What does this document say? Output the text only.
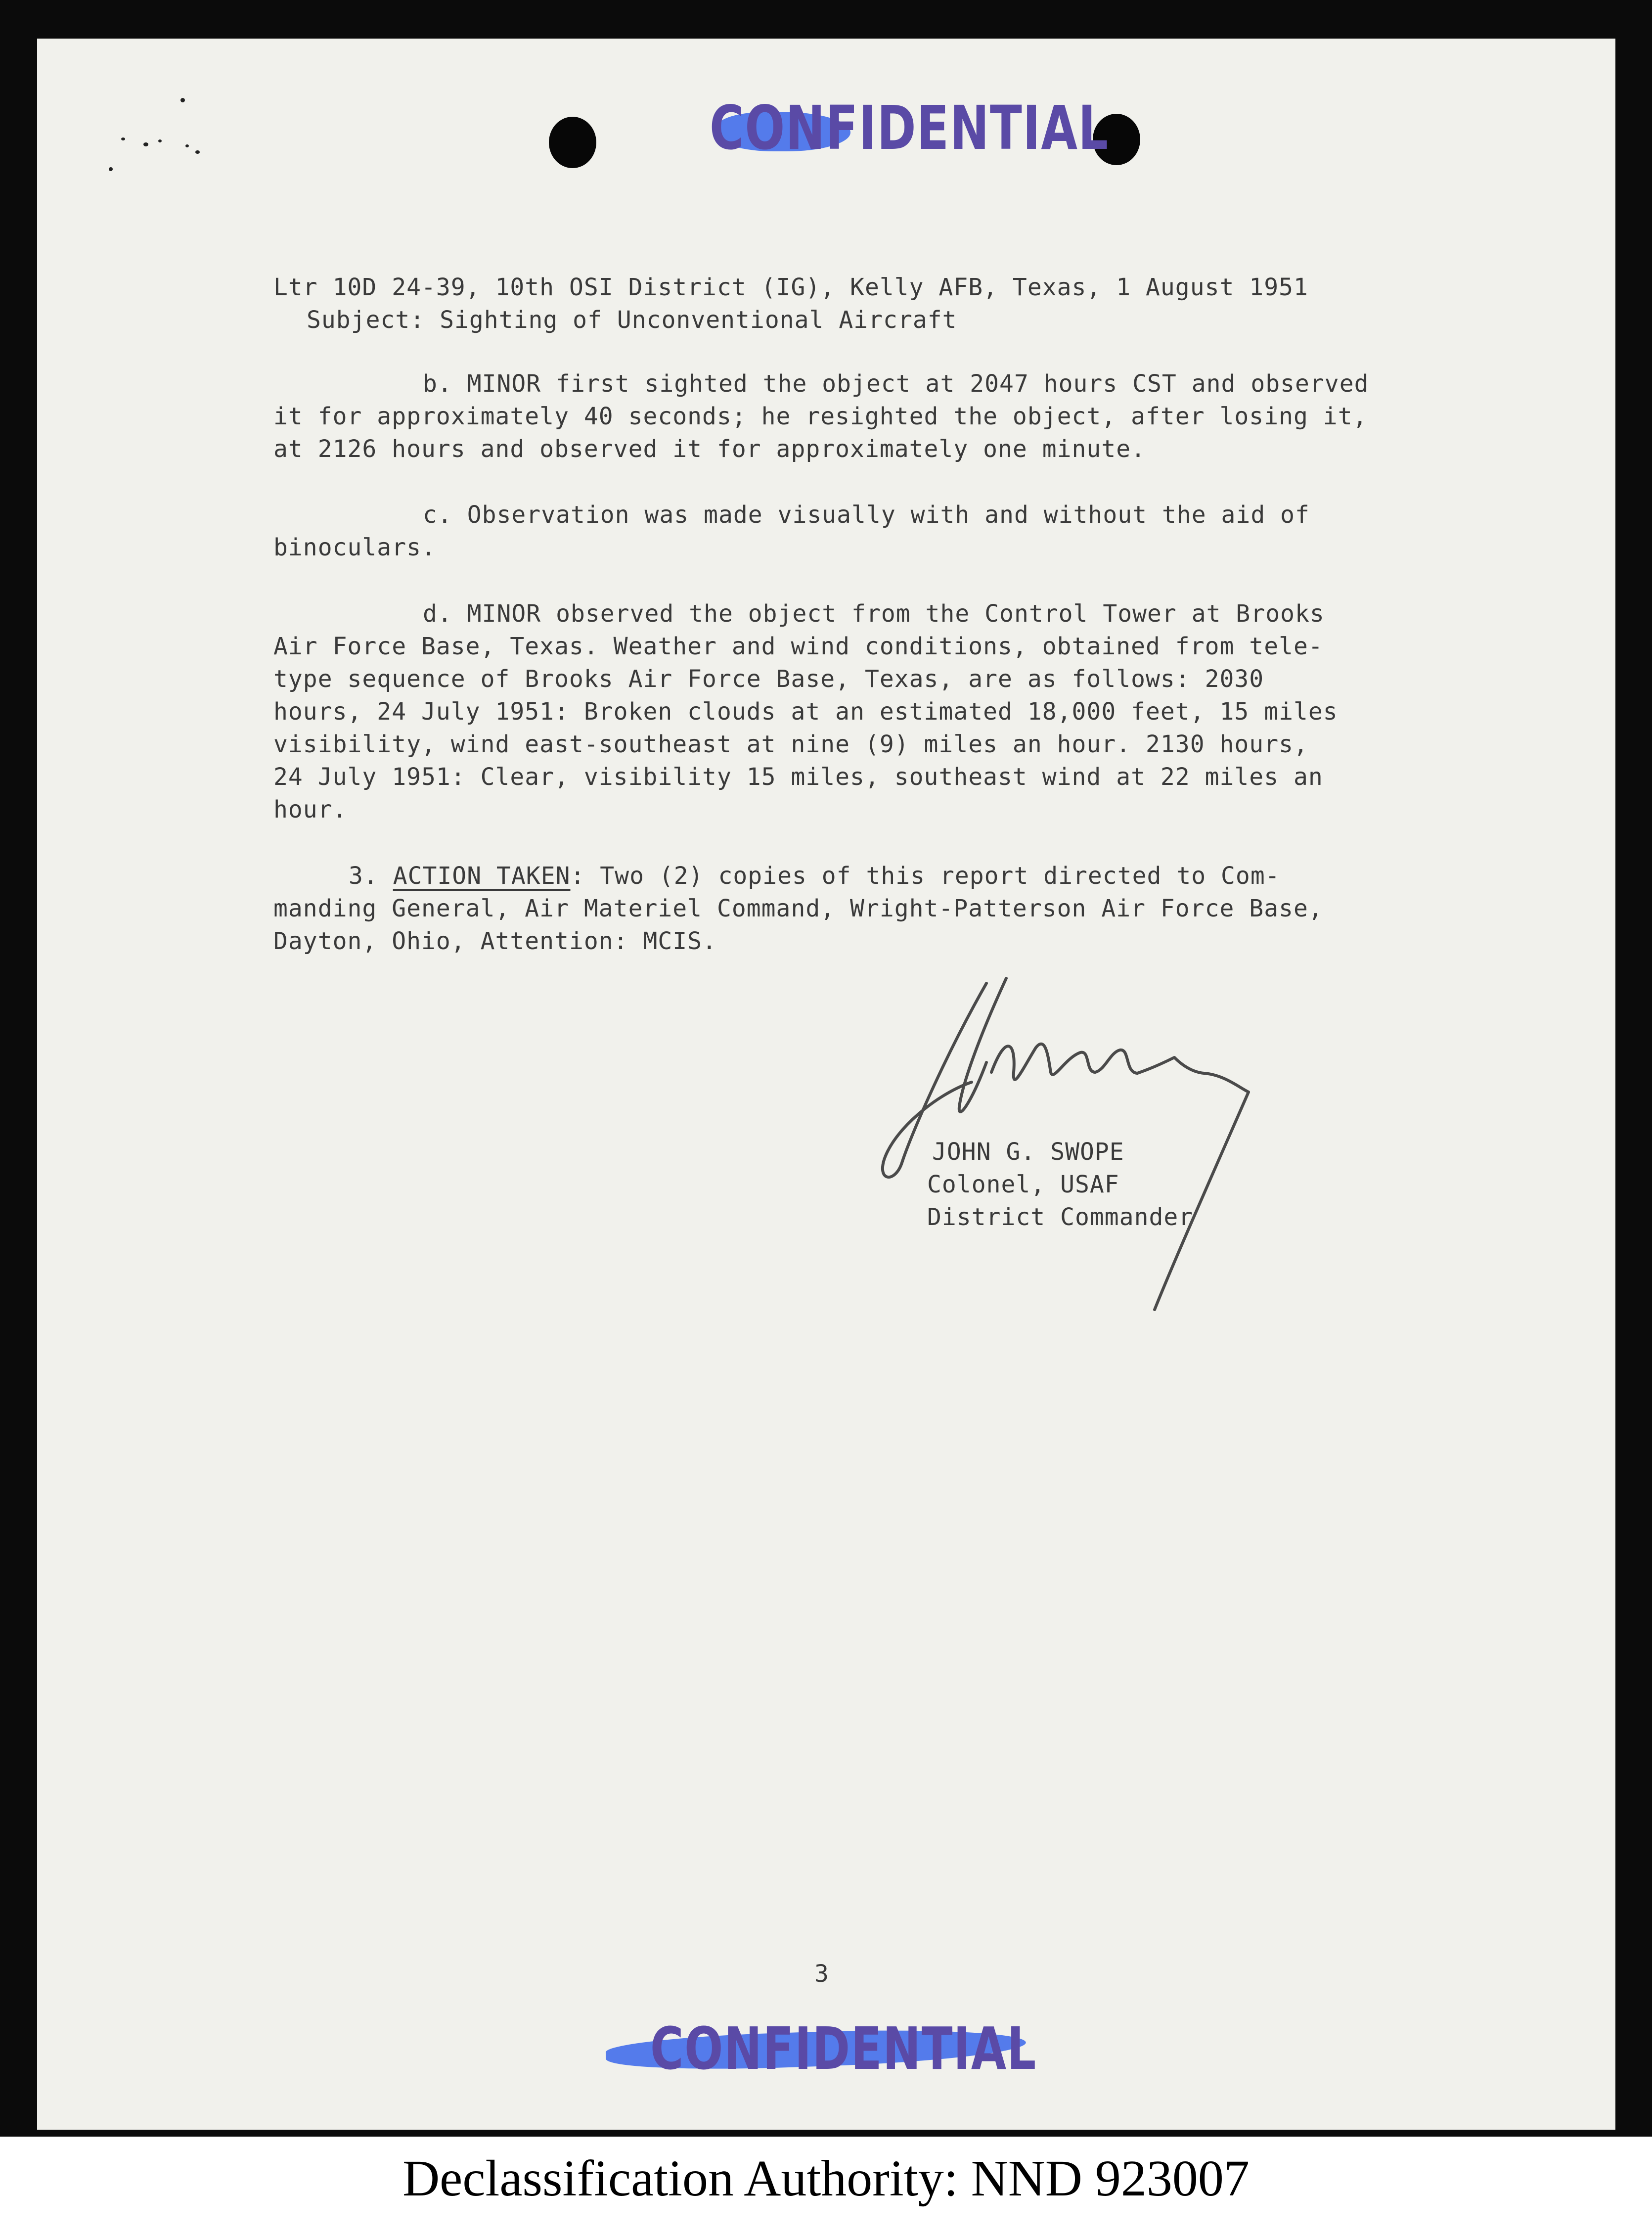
CONFIDENTIAL
Ltr 10D 24-39, 10th OSI District (IG), Kelly AFB, Texas, 1 August 1951
Subject: Sighting of Unconventional Aircraft
b. MINOR first sighted the object at 2047 hours CST and observed
it for approximately 40 seconds; he resighted the object, after losing it,
at 2126 hours and observed it for approximately one minute.
c. Observation was made visually with and without the aid of
binoculars.
d. MINOR observed the object from the Control Tower at Brooks
Air Force Base, Texas. Weather and wind conditions, obtained from tele-
type sequence of Brooks Air Force Base, Texas, are as follows: 2030
hours, 24 July 1951: Broken clouds at an estimated 18,000 feet, 15 miles
visibility, wind east-southeast at nine (9) miles an hour. 2130 hours,
24 July 1951: Clear, visibility 15 miles, southeast wind at 22 miles an
hour.
3. ACTION TAKEN: Two (2) copies of this report directed to Com-
manding General, Air Materiel Command, Wright-Patterson Air Force Base,
Dayton, Ohio, Attention: MCIS.
JOHN G. SWOPE
Colonel, USAF
District Commander
3
CONFIDENTIAL
Declassification Authority: NND 923007
